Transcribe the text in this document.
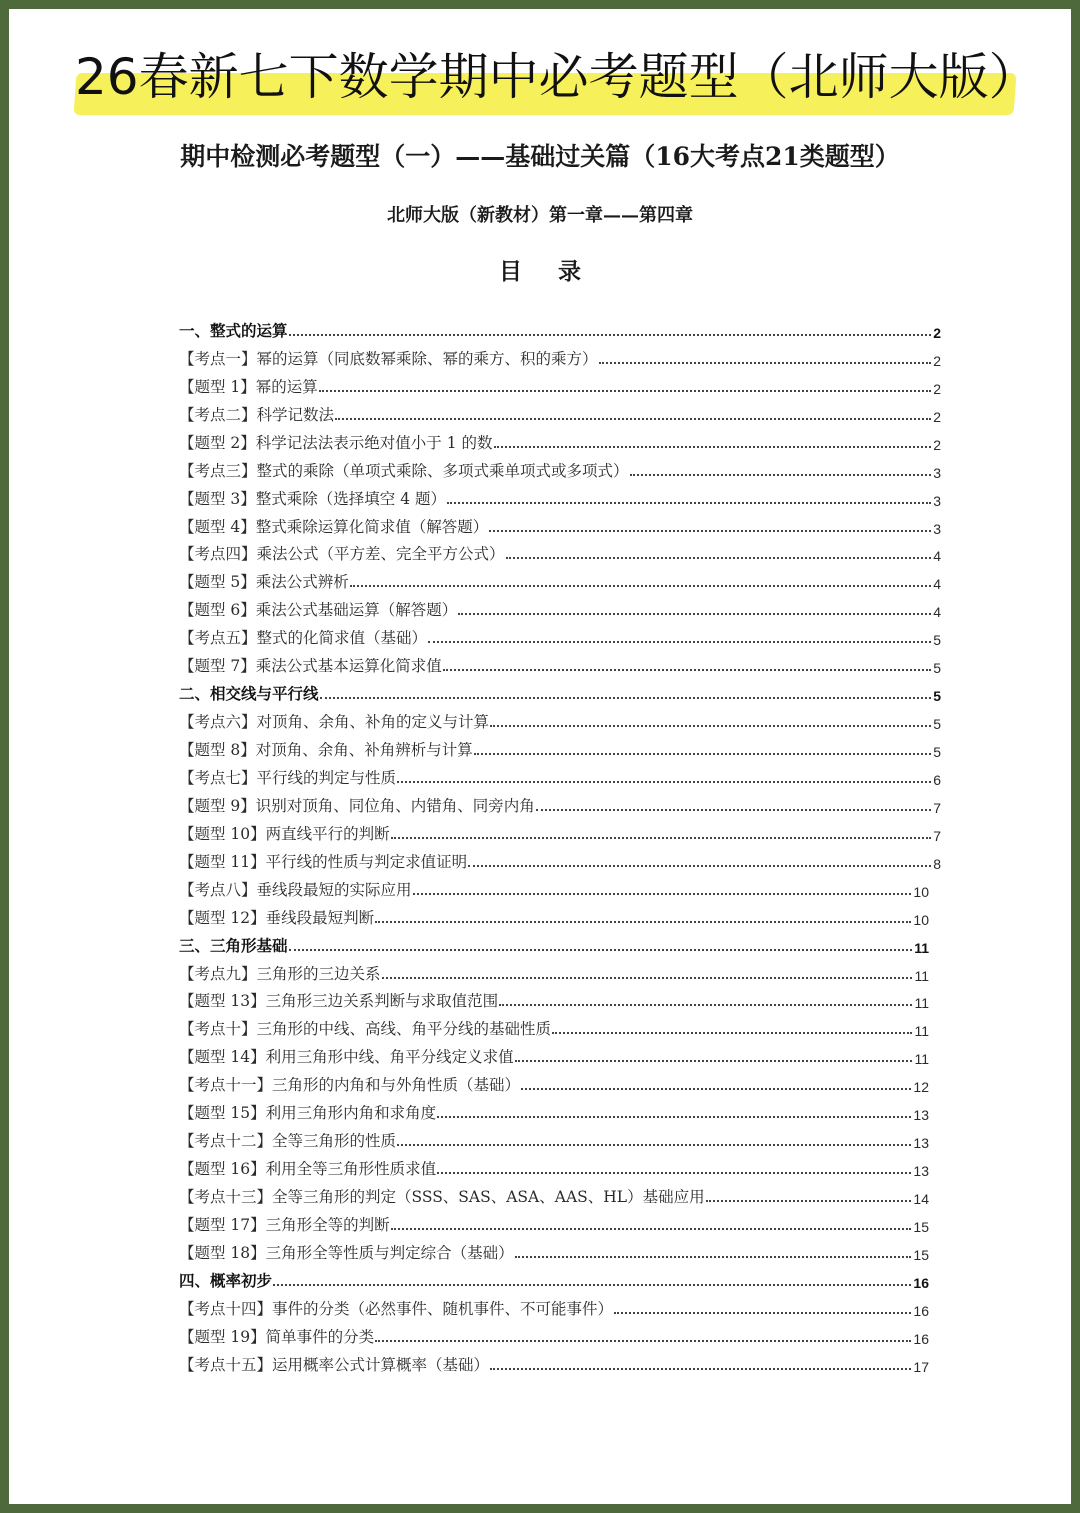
26春新七下数学期中必考题型（北师大版）
期中检测必考题型（一）——基础过关篇（16大考点21类题型）
北师大版（新教材）第一章——第四章
目 录
一、整式的运算	2
【考点一】幂的运算（同底数幂乘除、幂的乘方、积的乘方）	2
【题型 1】幂的运算	2
【考点二】科学记数法	2
【题型 2】科学记法法表示绝对值小于 1 的数	2
【考点三】整式的乘除（单项式乘除、多项式乘单项式或多项式）	3
【题型 3】整式乘除（选择填空 4 题）	3
【题型 4】整式乘除运算化简求值（解答题）	3
【考点四】乘法公式（平方差、完全平方公式）	4
【题型 5】乘法公式辨析	4
【题型 6】乘法公式基础运算（解答题）	4
【考点五】整式的化简求值（基础）	5
【题型 7】乘法公式基本运算化简求值	5
二、相交线与平行线	5
【考点六】对顶角、余角、补角的定义与计算	5
【题型 8】对顶角、余角、补角辨析与计算	5
【考点七】平行线的判定与性质	6
【题型 9】识别对顶角、同位角、内错角、同旁内角	7
【题型 10】两直线平行的判断	7
【题型 11】平行线的性质与判定求值证明	8
【考点八】垂线段最短的实际应用	10
【题型 12】垂线段最短判断	10
三、三角形基础	11
【考点九】三角形的三边关系	11
【题型 13】三角形三边关系判断与求取值范围	11
【考点十】三角形的中线、高线、角平分线的基础性质	11
【题型 14】利用三角形中线、角平分线定义求值	11
【考点十一】三角形的内角和与外角性质（基础）	12
【题型 15】利用三角形内角和求角度	13
【考点十二】全等三角形的性质	13
【题型 16】利用全等三角形性质求值	13
【考点十三】全等三角形的判定（SSS、SAS、ASA、AAS、HL）基础应用	14
【题型 17】三角形全等的判断	15
【题型 18】三角形全等性质与判定综合（基础）	15
四、概率初步	16
【考点十四】事件的分类（必然事件、随机事件、不可能事件）	16
【题型 19】简单事件的分类	16
【考点十五】运用概率公式计算概率（基础）	17
